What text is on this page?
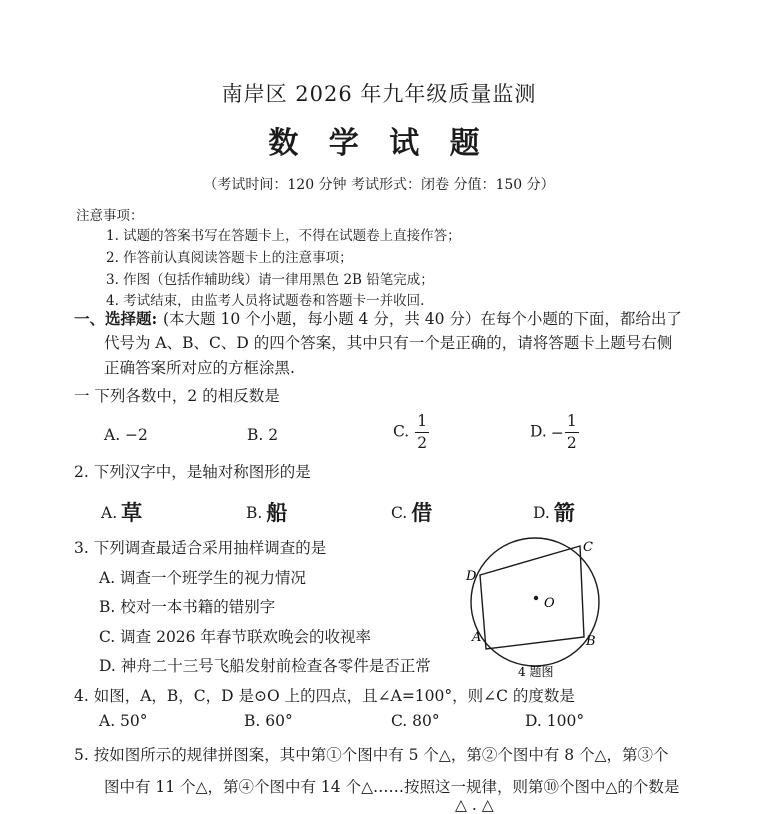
南岸区 2026 年九年级质量监测
数 学 试 题
（考试时间：120 分钟 考试形式：闭卷 分值：150 分）
注意事项：
1. 试题的答案书写在答题卡上，不得在试题卷上直接作答；
2. 作答前认真阅读答题卡上的注意事项；
3. 作图（包括作辅助线）请一律用黑色 2B 铅笔完成；
4. 考试结束，由监考人员将试题卷和答题卡一并收回.
一、选择题: (本大题 10 个小题，每小题 4 分，共 40 分）在每个小题的下面，都给出了
代号为 A、B、C、D 的四个答案，其中只有一个是正确的，请将答题卡上题号右侧
正确答案所对应的方框涂黑.
一 下列各数中，2 的相反数是
A. −2	B. 2	C. $\frac{1}{2}$	D. − $\frac{1}{2}$
2. 下列汉字中，是轴对称图形的是
A. 草	B. 船	C. 借	D. 箭
3. 下列调查最适合采用抽样调查的是
A. 调查一个班学生的视力情况
B. 校对一本书籍的错别字
C. 调查 2026 年春节联欢晚会的收视率
D. 神舟二十三号飞船发射前检查各零件是否正常
O
D
C
B
A
4 题图
4. 如图，A，B，C，D 是⊙O 上的四点，且∠A=100°，则∠C 的度数是
A. 50°	B. 60°	C. 80°	D. 100°
5. 按如图所示的规律拼图案，其中第①个图中有 5 个△，第②个图中有 8 个△，第③个
图中有 11 个△，第④个图中有 14 个△……按照这一规律，则第⑩个图中△的个数是
△ . △
